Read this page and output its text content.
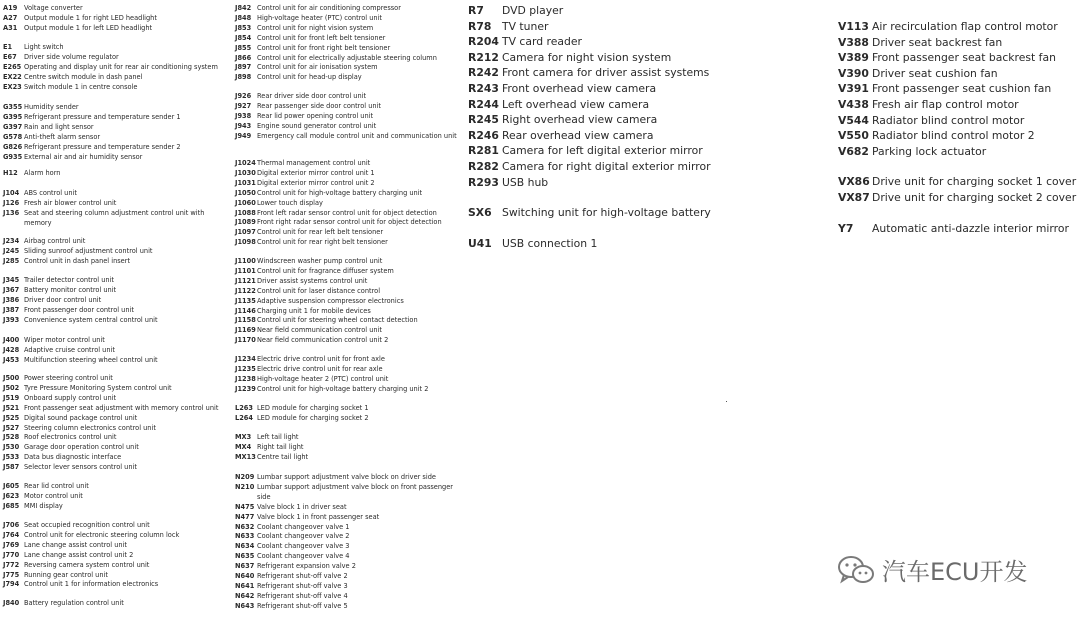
A19	Voltage converter
A27	Output module 1 for right LED headlight
A31	Output module 1 for left LED headlight
E1	Light switch
E67	Driver side volume regulator
E265 Operating and display unit for rear air conditioning system
EX22 Centre switch module in dash panel
EX23 Switch module 1 in centre console
G355 Humidity sender
G395 Refrigerant pressure and temperature sender 1
G397 Rain and light sensor
G578 Anti-theft alarm sensor
G826 Refrigerant pressure and temperature sender 2
G935 External air and air humidity sensor
H12 Alarm horn
J104 ABS control unit
J126 Fresh air blower control unit
J136 Seat and steering column adjustment control unit with memory
J234 Airbag control unit
J245 Sliding sunroof adjustment control unit
J285 Control unit in dash panel insert
J345 Trailer detector control unit
J367 Battery monitor control unit
J386 Driver door control unit
J387 Front passenger door control unit
J393 Convenience system central control unit
J400 Wiper motor control unit
J428 Adaptive cruise control unit
J453 Multifunction steering wheel control unit
J500 Power steering control unit
J502 Tyre Pressure Monitoring System control unit
J519 Onboard supply control unit
J521 Front passenger seat adjustment with memory control unit
J525 Digital sound package control unit
J527 Steering column electronics control unit
J528 Roof electronics control unit
J530 Garage door operation control unit
J533 Data bus diagnostic interface
J587 Selector lever sensors control unit
J605 Rear lid control unit
J623 Motor control unit
J685 MMI display
J706 Seat occupied recognition control unit
J764 Control unit for electronic steering column lock
J769 Lane change assist control unit
J770 Lane change assist control unit 2
J772 Reversing camera system control unit
J775 Running gear control unit
J794 Control unit 1 for information electronics
J840 Battery regulation control unit
J842 Control unit for air conditioning compressor
J848 High-voltage heater (PTC) control unit
J853 Control unit for night vision system
J854 Control unit for front left belt tensioner
J855 Control unit for front right belt tensioner
J866 Control unit for electrically adjustable steering column
J897 Control unit for air ionisation system
J898 Control unit for head-up display
J926 Rear driver side door control unit
J927 Rear passenger side door control unit
J938 Rear lid power opening control unit
J943 Engine sound generator control unit
J949 Emergency call module control unit and communication unit
J1024 Thermal management control unit
J1030 Digital exterior mirror control unit 1
J1031 Digital exterior mirror control unit 2
J1050 Control unit for high-voltage battery charging unit
J1060 Lower touch display
J1088 Front left radar sensor control unit for object detection
J1089 Front right radar sensor control unit for object detection
J1097 Control unit for rear left belt tensioner
J1098 Control unit for rear right belt tensioner
J1100 Windscreen washer pump control unit
J1101 Control unit for fragrance diffuser system
J1121 Driver assist systems control unit
J1122 Control unit for laser distance control
J1135 Adaptive suspension compressor electronics
J1146 Charging unit 1 for mobile devices
J1158 Control unit for steering wheel contact detection
J1169 Near field communication control unit
J1170 Near field communication control unit 2
J1234 Electric drive control unit for front axle
J1235 Electric drive control unit for rear axle
J1238 High-voltage heater 2 (PTC) control unit
J1239 Control unit for high-voltage battery charging unit 2
L263 LED module for charging socket 1
L264 LED module for charging socket 2
MX3 Left tail light
MX4 Right tail light
MX13 Centre tail light
N209 Lumbar support adjustment valve block on driver side
N210 Lumbar support adjustment valve block on front passenger side
N475 Valve block 1 in driver seat
N477 Valve block 1 in front passenger seat
N632 Coolant changeover valve 1
N633 Coolant changeover valve 2
N634 Coolant changeover valve 3
N635 Coolant changeover valve 4
N637 Refrigerant expansion valve 2
N640 Refrigerant shut-off valve 2
N641 Refrigerant shut-off valve 3
N642 Refrigerant shut-off valve 4
N643 Refrigerant shut-off valve 5
R7	DVD player
R78 TV tuner
R204 TV card reader
R212 Camera for night vision system
R242 Front camera for driver assist systems
R243 Front overhead view camera
R244 Left overhead view camera
R245 Right overhead view camera
R246 Rear overhead view camera
R281 Camera for left digital exterior mirror
R282 Camera for right digital exterior mirror
R293 USB hub
SX6 Switching unit for high-voltage battery
U41 USB connection 1
V113 Air recirculation flap control motor
V388 Driver seat backrest fan
V389 Front passenger seat backrest fan
V390 Driver seat cushion fan
V391 Front passenger seat cushion fan
V438 Fresh air flap control motor
V544 Radiator blind control motor
V550 Radiator blind control motor 2
V682 Parking lock actuator
VX86 Drive unit for charging socket 1 cover
VX87 Drive unit for charging socket 2 cover
Y7	Automatic anti-dazzle interior mirror
汽车ECU开发
